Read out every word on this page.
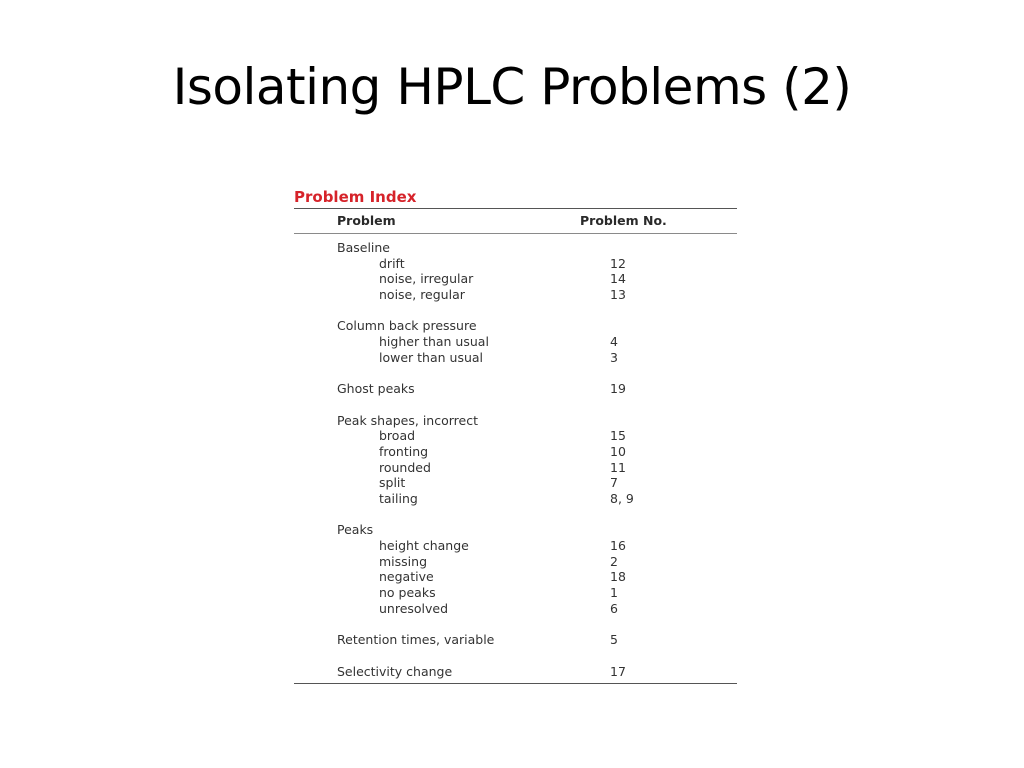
Isolating HPLC Problems (2)
Problem Index
Problem	Problem No.
Baseline
drift	12
noise, irregular	14
noise, regular	13
Column back pressure
higher than usual	4
lower than usual	3
Ghost peaks	19
Peak shapes, incorrect
broad	15
fronting	10
rounded	11
split	7
tailing	8, 9
Peaks
height change	16
missing	2
negative	18
no peaks	1
unresolved	6
Retention times, variable	5
Selectivity change	17
